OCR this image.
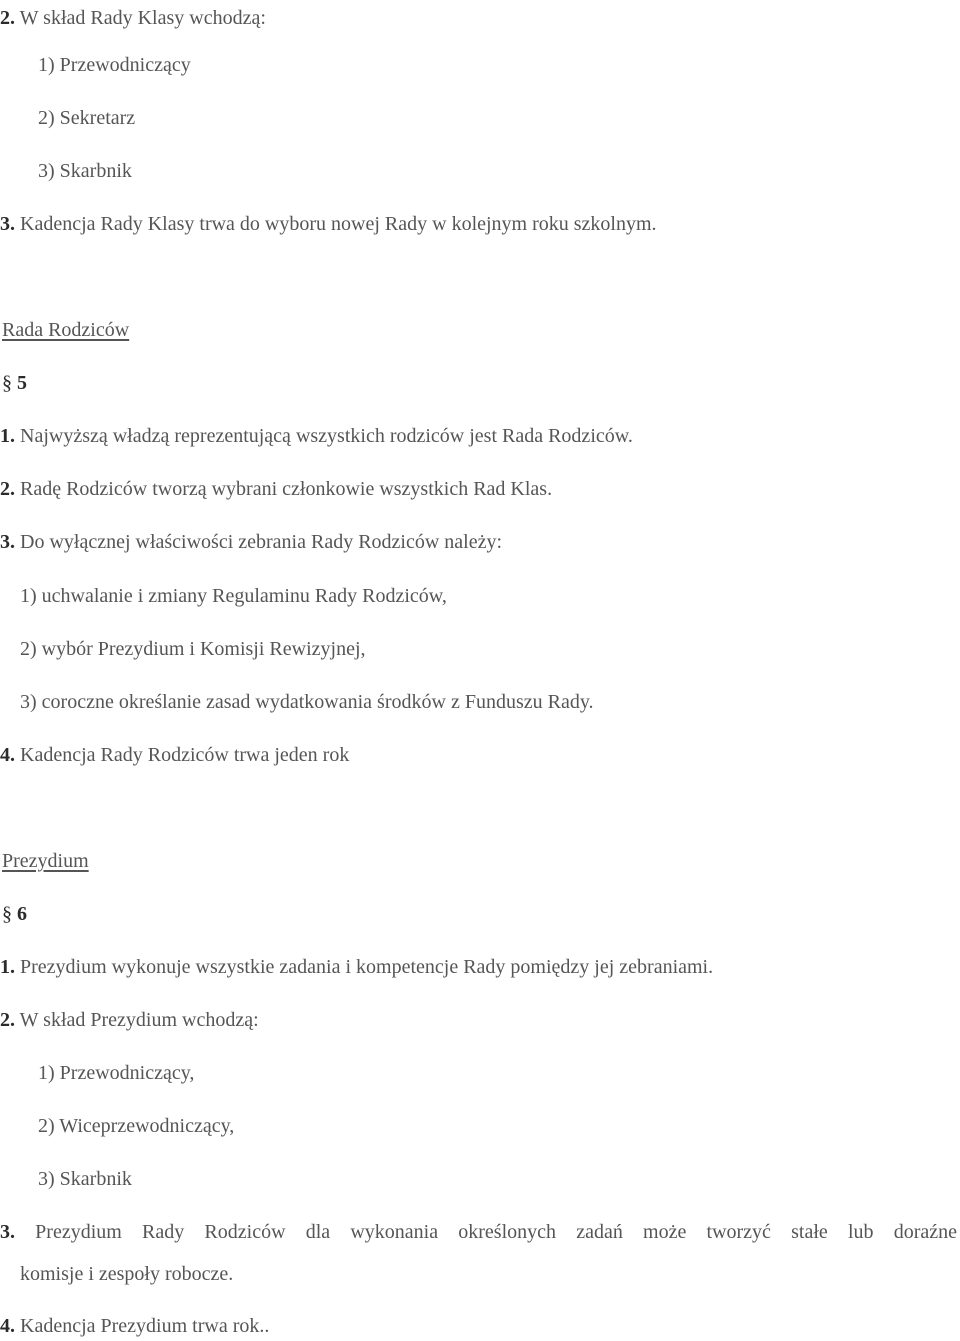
2. W skład Rady Klasy wchodzą:
1) Przewodniczący
2) Sekretarz
3) Skarbnik
3. Kadencja Rady Klasy trwa do wyboru nowej Rady w kolejnym roku szkolnym.
Rada Rodziców
§ 5
1. Najwyższą władzą reprezentującą wszystkich rodziców jest Rada Rodziców.
2. Radę Rodziców tworzą wybrani członkowie wszystkich Rad Klas.
3. Do wyłącznej właściwości zebrania Rady Rodziców należy:
1) uchwalanie i zmiany Regulaminu Rady Rodziców,
2) wybór Prezydium i Komisji Rewizyjnej,
3) coroczne określanie zasad wydatkowania środków z Funduszu Rady.
4. Kadencja Rady Rodziców trwa jeden rok
Prezydium
§ 6
1. Prezydium wykonuje wszystkie zadania i kompetencje Rady pomiędzy jej zebraniami.
2. W skład Prezydium wchodzą:
1) Przewodniczący,
2) Wiceprzewodniczący,
3) Skarbnik
3. Prezydium Rady Rodziców dla wykonania określonych zadań może tworzyć stałe lub doraźne
komisje i zespoły robocze.
4. Kadencja Prezydium trwa rok..
